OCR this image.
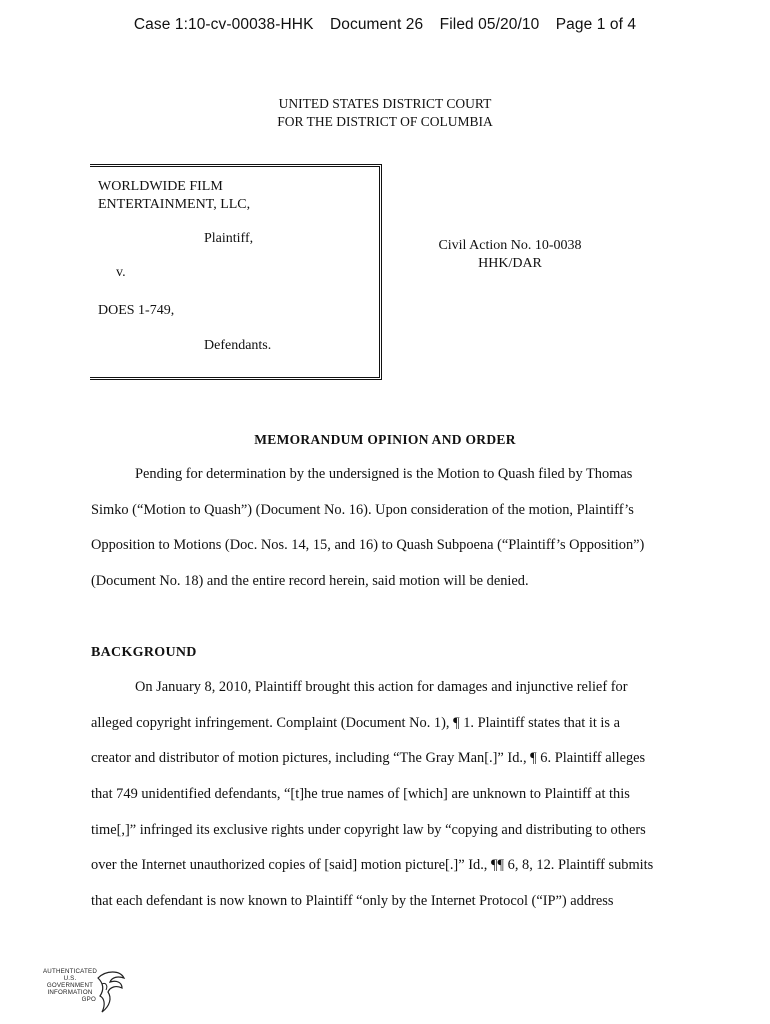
Case 1:10-cv-00038-HHK Document 26 Filed 05/20/10 Page 1 of 4
UNITED STATES DISTRICT COURT
FOR THE DISTRICT OF COLUMBIA
WORLDWIDE FILM
ENTERTAINMENT, LLC,
Plaintiff,
v.
DOES 1-749,
Defendants.
Civil Action No. 10-0038
HHK/DAR
MEMORANDUM OPINION AND ORDER
Pending for determination by the undersigned is the Motion to Quash filed by Thomas
Simko (“Motion to Quash”) (Document No. 16). Upon consideration of the motion, Plaintiff’s
Opposition to Motions (Doc. Nos. 14, 15, and 16) to Quash Subpoena (“Plaintiff’s Opposition”)
(Document No. 18) and the entire record herein, said motion will be denied.
BACKGROUND
On January 8, 2010, Plaintiff brought this action for damages and injunctive relief for
alleged copyright infringement. Complaint (Document No. 1), ¶ 1. Plaintiff states that it is a
creator and distributor of motion pictures, including “The Gray Man[.]” Id., ¶ 6. Plaintiff alleges
that 749 unidentified defendants, “[t]he true names of [which] are unknown to Plaintiff at this
time[,]” infringed its exclusive rights under copyright law by “copying and distributing to others
over the Internet unauthorized copies of [said] motion picture[.]” Id., ¶¶ 6, 8, 12. Plaintiff submits
that each defendant is now known to Plaintiff “only by the Internet Protocol (“IP”) address
AUTHENTICATED
U.S. GOVERNMENT
INFORMATION
GPO
